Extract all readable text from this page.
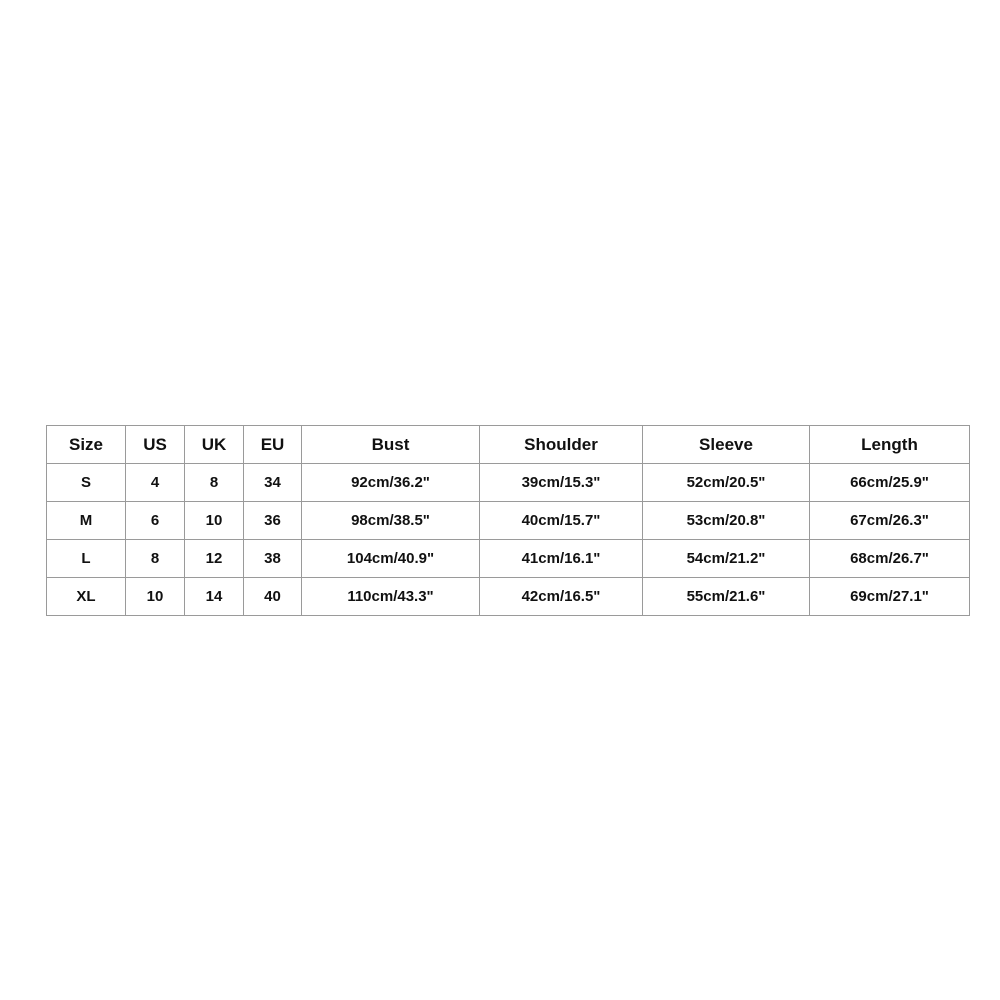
Size	US	UK	EU	Bust	Shoulder	Sleeve	Length
S	4	8	34	92cm/36.2"	39cm/15.3"	52cm/20.5"	66cm/25.9"
M	6	10	36	98cm/38.5"	40cm/15.7"	53cm/20.8"	67cm/26.3"
L	8	12	38	104cm/40.9"	41cm/16.1"	54cm/21.2"	68cm/26.7"
XL	10	14	40	110cm/43.3"	42cm/16.5"	55cm/21.6"	69cm/27.1"
